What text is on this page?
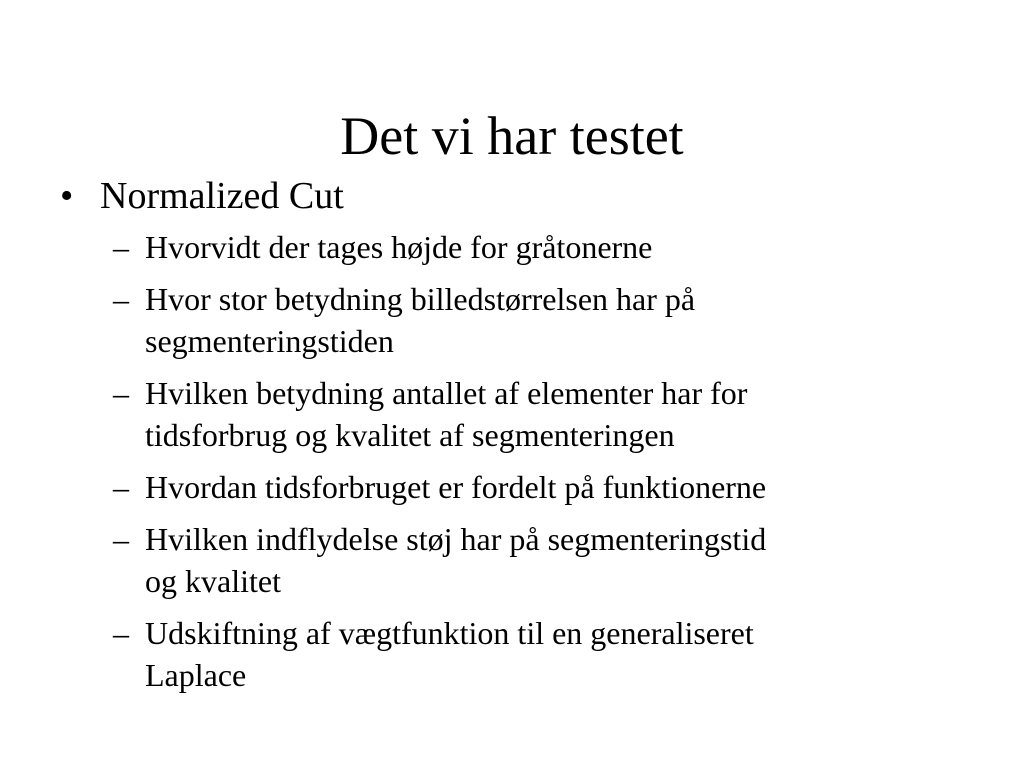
Det vi har testet

• Normalized Cut

– Hvorvidt der tages højde for gråtonerne
– Hvor stor betydning billedstørrelsen har på
segmenteringstiden
– Hvilken betydning antallet af elementer har for
tidsforbrug og kvalitet af segmenteringen
– Hvordan tidsforbruget er fordelt på funktionerne
– Hvilken indflydelse støj har på segmenteringstid
og kvalitet
– Udskiftning af vægtfunktion til en generaliseret
Laplace
